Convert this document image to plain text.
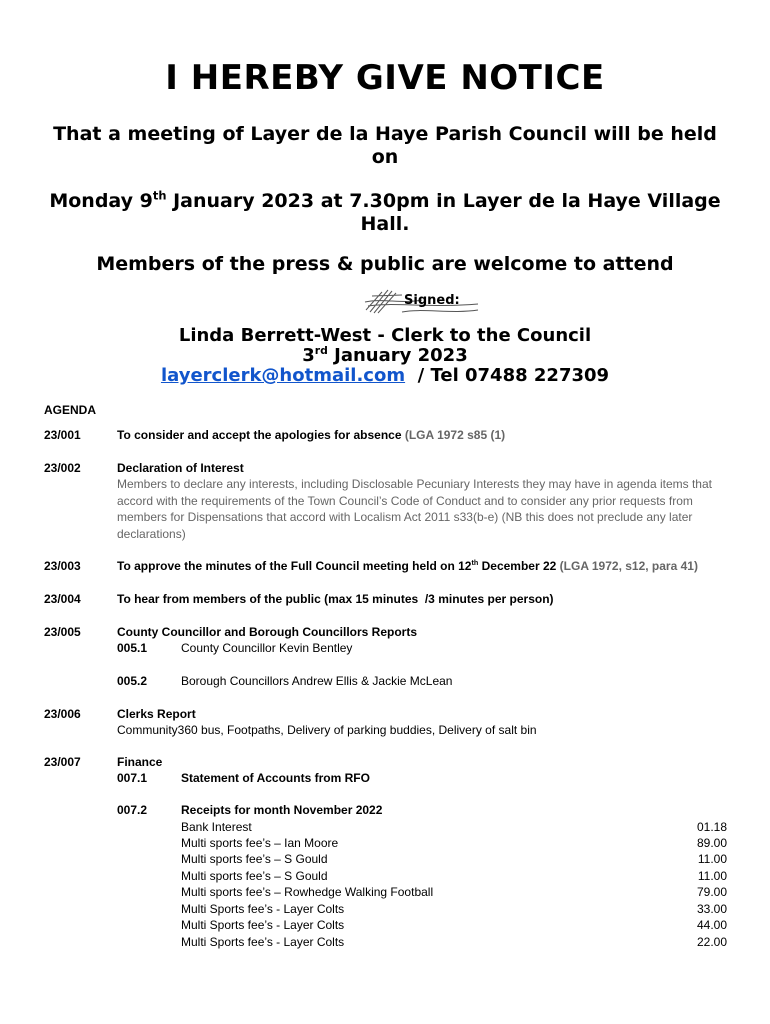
I HEREBY GIVE NOTICE
That a meeting of Layer de la Haye Parish Council will be held on
Monday 9th January 2023 at 7.30pm in Layer de la Haye Village Hall.
Members of the press & public are welcome to attend
Signed:
Linda Berrett-West - Clerk to the Council
3rd January 2023
layerclerk@hotmail.com  / Tel 07488 227309
AGENDA
23/001	To consider and accept the apologies for absence (LGA 1972 s85 (1)
23/002	Declaration of Interest
Members to declare any interests, including Disclosable Pecuniary Interests they may have in agenda items that accord with the requirements of the Town Council’s Code of Conduct and to consider any prior requests from members for Dispensations that accord with Localism Act 2011 s33(b-e) (NB this does not preclude any later declarations)
23/003	To approve the minutes of the Full Council meeting held on 12th December 22 (LGA 1972, s12, para 41)
23/004	To hear from members of the public (max 15 minutes  /3 minutes per person)
23/005	County Councillor and Borough Councillors Reports
005.1	County Councillor Kevin Bentley
005.2	Borough Councillors Andrew Ellis & Jackie McLean
23/006	Clerks Report
Community360 bus, Footpaths, Delivery of parking buddies, Delivery of salt bin
23/007	Finance
007.1	Statement of Accounts from RFO
007.2	Receipts for month November 2022
Bank Interest	01.18
Multi sports fee’s – Ian Moore	89.00
Multi sports fee’s – S Gould	11.00
Multi sports fee’s – S Gould	11.00
Multi sports fee’s – Rowhedge Walking Football	79.00
Multi Sports fee’s - Layer Colts	33.00
Multi Sports fee’s - Layer Colts	44.00
Multi Sports fee’s - Layer Colts	22.00
